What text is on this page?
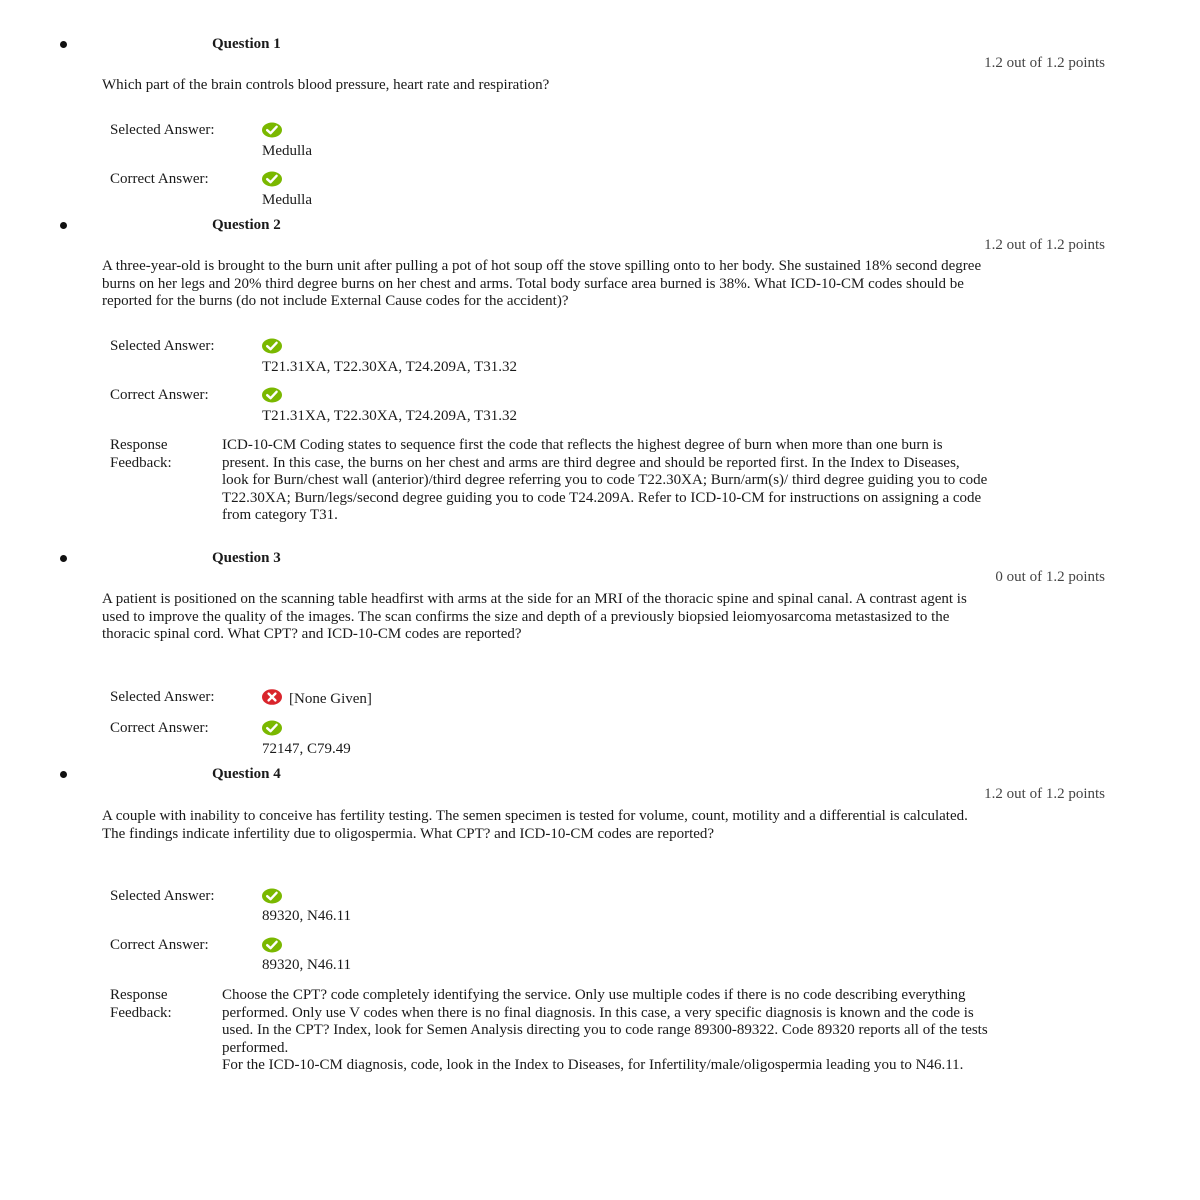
Question 1
1.2 out of 1.2 points
Which part of the brain controls blood pressure, heart rate and respiration?
Selected Answer:
Medulla
Correct Answer:
Medulla
Question 2
1.2 out of 1.2 points
A three-year-old is brought to the burn unit after pulling a pot of hot soup off the stove spilling onto to her body. She sustained 18% second degree burns on her legs and 20% third degree burns on her chest and arms. Total body surface area burned is 38%. What ICD-10-CM codes should be reported for the burns (do not include External Cause codes for the accident)?
Selected Answer:
T21.31XA, T22.30XA, T24.209A, T31.32
Correct Answer:
T21.31XA, T22.30XA, T24.209A, T31.32
Response Feedback:
ICD-10-CM Coding states to sequence first the code that reflects the highest degree of burn when more than one burn is present. In this case, the burns on her chest and arms are third degree and should be reported first. In the Index to Diseases, look for Burn/chest wall (anterior)/third degree referring you to code T22.30XA; Burn/arm(s)/ third degree guiding you to code T22.30XA; Burn/legs/second degree guiding you to code T24.209A. Refer to ICD-10-CM for instructions on assigning a code from category T31.
Question 3
0 out of 1.2 points
A patient is positioned on the scanning table headfirst with arms at the side for an MRI of the thoracic spine and spinal canal. A contrast agent is used to improve the quality of the images. The scan confirms the size and depth of a previously biopsied leiomyosarcoma metastasized to the thoracic spinal cord. What CPT? and ICD-10-CM codes are reported?
Selected Answer:	[None Given]
Correct Answer:
72147, C79.49
Question 4
1.2 out of 1.2 points
A couple with inability to conceive has fertility testing. The semen specimen is tested for volume, count, motility and a differential is calculated. The findings indicate infertility due to oligospermia. What CPT? and ICD-10-CM codes are reported?
Selected Answer:
89320, N46.11
Correct Answer:
89320, N46.11
Response Feedback:
Choose the CPT? code completely identifying the service. Only use multiple codes if there is no code describing everything performed. Only use V codes when there is no final diagnosis. In this case, a very specific diagnosis is known and the code is used. In the CPT? Index, look for Semen Analysis directing you to code range 89300-89322. Code 89320 reports all of the tests performed.
For the ICD-10-CM diagnosis, code, look in the Index to Diseases, for Infertility/male/oligospermia leading you to N46.11.
